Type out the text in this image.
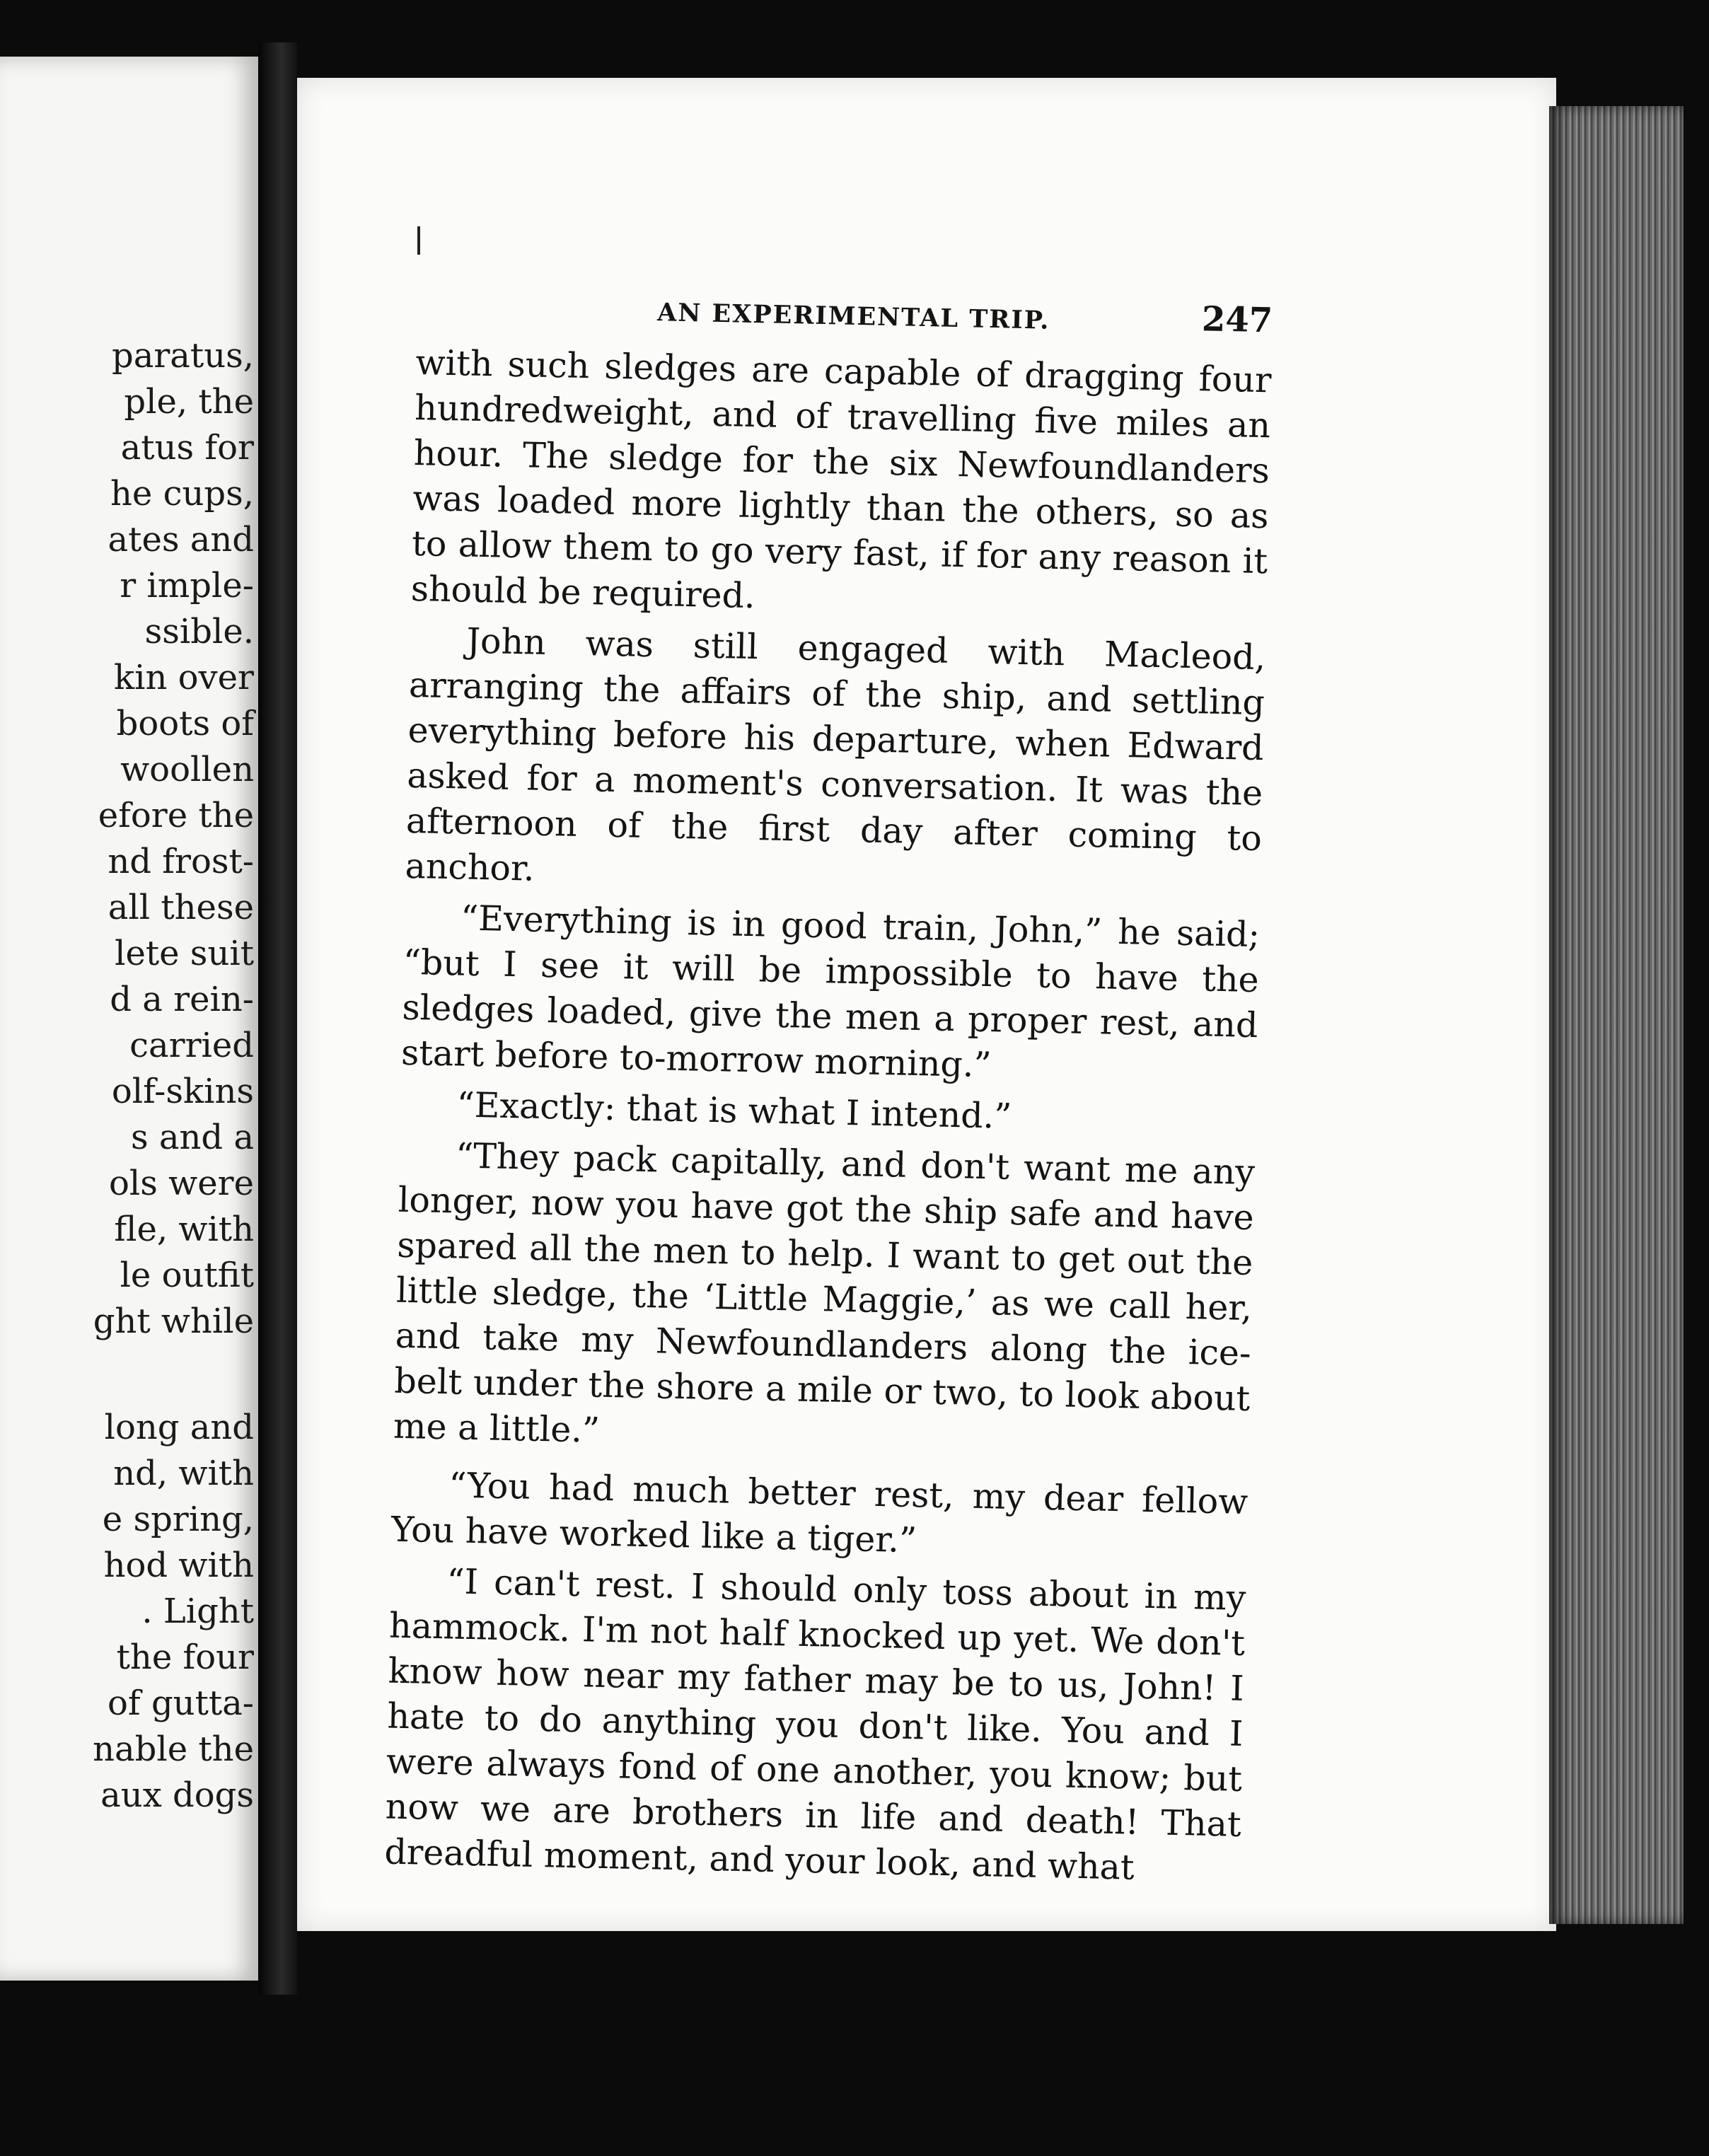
paratus,
ple, the
atus for
he cups,
ates and
r imple-
ssible.
kin over
boots of
woollen
efore the
nd frost-
all these
lete suit
d a rein-
carried
olf-skins
s and a
ols were
fle, with
le outfit
ght while
long and
nd, with
e spring,
hod with
. Light
the four
of gutta-
nable the
aux dogs
AN EXPERIMENTAL TRIP.	247

with such sledges are capable of dragging four hundredweight, and of travelling five miles an hour. The sledge for the six Newfoundlanders was loaded more lightly than the others, so as to allow them to go very fast, if for any reason it should be required.

John was still engaged with Macleod, arranging the affairs of the ship, and settling everything before his departure, when Edward asked for a moment's conversation. It was the afternoon of the first day after coming to anchor.

“Everything is in good train, John,” he said; “but I see it will be impossible to have the sledges loaded, give the men a proper rest, and start before to-morrow morning.”

“Exactly: that is what I intend.”

“They pack capitally, and don't want me any longer, now you have got the ship safe and have spared all the men to help. I want to get out the little sledge, the ‘Little Maggie,’ as we call her, and take my Newfoundlanders along the ice-belt under the shore a mile or two, to look about me a little.”

“You had much better rest, my dear fellow You have worked like a tiger.”

“I can't rest. I should only toss about in my hammock. I'm not half knocked up yet. We don't know how near my father may be to us, John! I hate to do anything you don't like. You and I were always fond of one another, you know; but now we are brothers in life and death! That dreadful moment, and your look, and what
